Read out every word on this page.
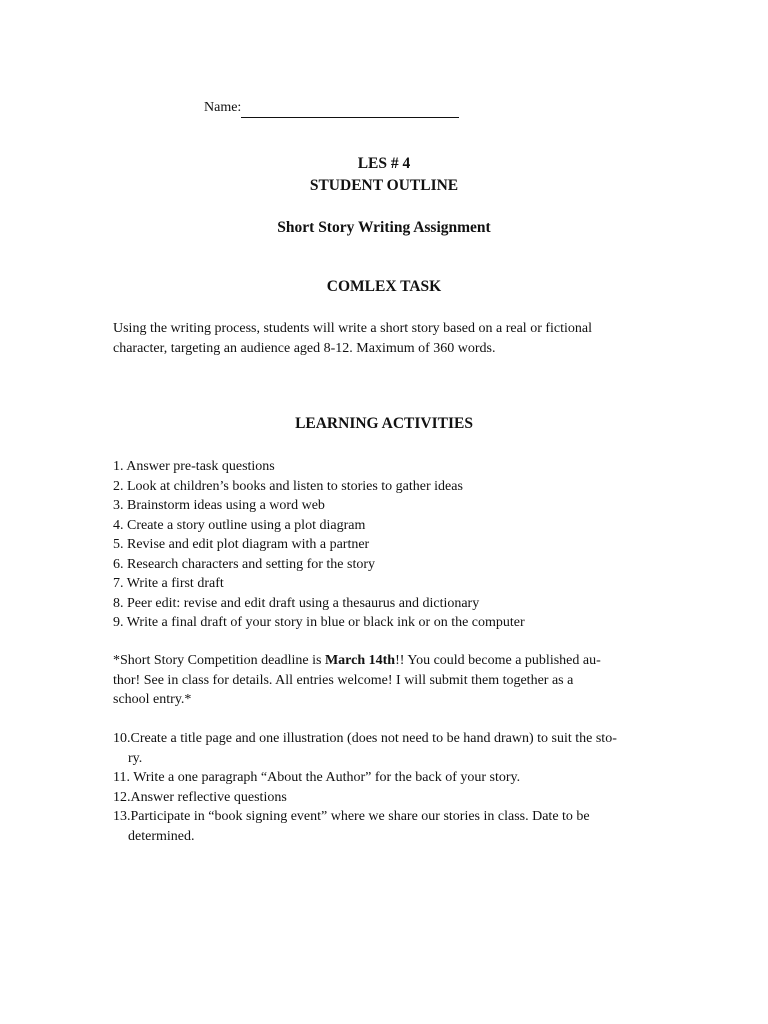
Name:
LES # 4
STUDENT OUTLINE
Short Story Writing Assignment
COMLEX TASK

Using the writing process, students will write a short story based on a real or fictional

character, targeting an audience aged 8-12. Maximum of 360 words.

LEARNING ACTIVITIES
1. Answer pre-task questions
2. Look at children’s books and listen to stories to gather ideas
3. Brainstorm ideas using a word web
4. Create a story outline using a plot diagram
5. Revise and edit plot diagram with a partner
6. Research characters and setting for the story
7. Write a first draft
8. Peer edit: revise and edit draft using a thesaurus and dictionary
9. Write a final draft of your story in blue or black ink or on the computer

*Short Story Competition deadline is March 14th!! You could become a published au-

thor! See in class for details. All entries welcome! I will submit them together as a

school entry.*

10.Create a title page and one illustration (does not need to be hand drawn) to suit the sto-
ry.
11. Write a one paragraph “About the Author” for the back of your story.
12.Answer reflective questions
13.Participate in “book signing event” where we share our stories in class. Date to be
determined.
